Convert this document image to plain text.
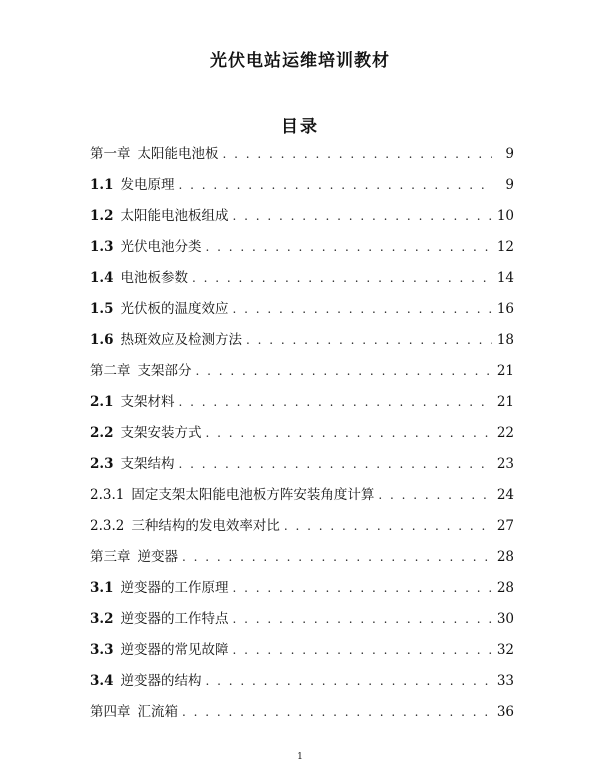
光伏电站运维培训教材
目录
第一章 太阳能电池板 . . .	9
1.1 发电原理 . . .	9
1.2 太阳能电池板组成 . . .	10
1.3 光伏电池分类 . . .	12
1.4 电池板参数 . . .	14
1.5 光伏板的温度效应 . . .	16
1.6 热斑效应及检测方法 . . .	18
第二章 支架部分 . . .	21
2.1 支架材料 . . .	21
2.2 支架安装方式 . . .	22
2.3 支架结构 . . .	23
2.3.1 固定支架太阳能电池板方阵安装角度计算 . . .	24
2.3.2 三种结构的发电效率对比 . . .	27
第三章 逆变器 . . .	28
3.1 逆变器的工作原理 . . .	28
3.2 逆变器的工作特点 . . .	30
3.3 逆变器的常见故障 . . .	32
3.4 逆变器的结构 . . .	33
第四章 汇流箱 . . .	36
1
